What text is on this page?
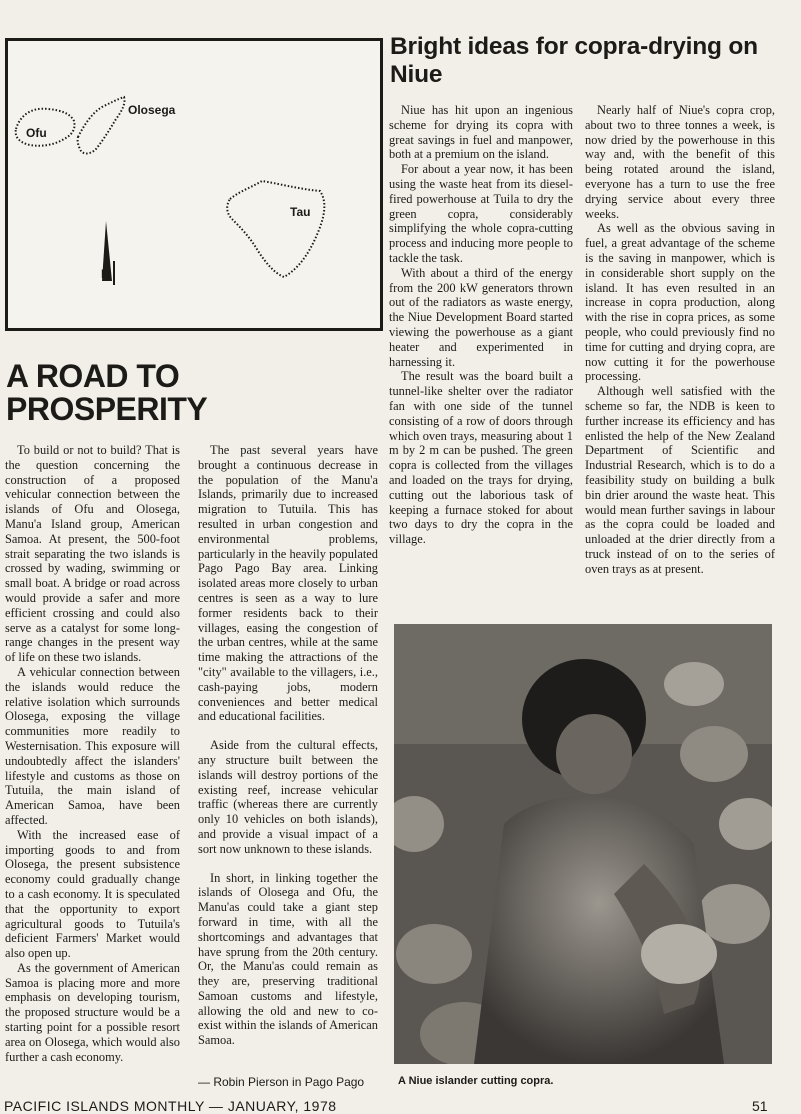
Ofu
Olosega
Tau
N
Bright ideas for copra-drying on Niue
A ROAD TO
PROSPERITY

To build or not to build? That is the question concerning the construction of a proposed vehicular connection between the islands of Ofu and Olosega, Manu'a Island group, American Samoa. At present, the 500-foot strait separating the two islands is crossed by wading, swimming or small boat. A bridge or road across would provide a safer and more efficient crossing and could also serve as a catalyst for some long-range changes in the present way of life on these two islands.

A vehicular connection between the islands would reduce the relative isolation which surrounds Olosega, exposing the village communities more readily to Westernisation. This exposure will undoubtedly affect the islanders' lifestyle and customs as those on Tutuila, the main island of American Samoa, have been affected.

With the increased ease of importing goods to and from Olosega, the present subsistence economy could gradually change to a cash economy. It is speculated that the opportunity to export agricultural goods to Tutuila's deficient Farmers' Market would also open up.

As the government of American Samoa is placing more and more emphasis on developing tourism, the proposed structure would be a starting point for a possible resort area on Olosega, which would also further a cash economy.

The past several years have brought a continuous decrease in the population of the Manu'a Islands, primarily due to increased migration to Tutuila. This has resulted in urban congestion and environmental problems, particularly in the heavily populated Pago Pago Bay area. Linking isolated areas more closely to urban centres is seen as a way to lure former residents back to their villages, easing the congestion of the urban centres, while at the same time making the attractions of the "city" available to the villagers, i.e., cash-paying jobs, modern conveniences and better medical and educational facilities.

Aside from the cultural effects, any structure built between the islands will destroy portions of the existing reef, increase vehicular traffic (whereas there are currently only 10 vehicles on both islands), and provide a visual impact of a sort now unknown to these islands.

In short, in linking together the islands of Olosega and Ofu, the Manu'as could take a giant step forward in time, with all the shortcomings and advantages that have sprung from the 20th century. Or, the Manu'as could remain as they are, preserving traditional Samoan customs and lifestyle, allowing the old and new to co-exist within the islands of American Samoa.

— Robin Pierson in Pago Pago

Niue has hit upon an ingenious scheme for drying its copra with great savings in fuel and manpower, both at a premium on the island.

For about a year now, it has been using the waste heat from its diesel-fired powerhouse at Tuila to dry the green copra, considerably simplifying the whole copra-cutting process and inducing more people to tackle the task.

With about a third of the energy from the 200 kW generators thrown out of the radiators as waste energy, the Niue Development Board started viewing the powerhouse as a giant heater and experimented in harnessing it.

The result was the board built a tunnel-like shelter over the radiator fan with one side of the tunnel consisting of a row of doors through which oven trays, measuring about 1 m by 2 m can be pushed. The green copra is collected from the villages and loaded on the trays for drying, cutting out the laborious task of keeping a furnace stoked for about two days to dry the copra in the village.

Nearly half of Niue's copra crop, about two to three tonnes a week, is now dried by the powerhouse in this way and, with the benefit of this being rotated around the island, everyone has a turn to use the free drying service about every three weeks.

As well as the obvious saving in fuel, a great advantage of the scheme is the saving in manpower, which is in considerable short supply on the island. It has even resulted in an increase in copra production, along with the rise in copra prices, as some people, who could previously find no time for cutting and drying copra, are now cutting it for the powerhouse processing.

Although well satisfied with the scheme so far, the NDB is keen to further increase its efficiency and has enlisted the help of the New Zealand Department of Scientific and Industrial Research, which is to do a feasibility study on building a bulk bin drier around the waste heat. This would mean further savings in labour as the copra could be loaded and unloaded at the drier directly from a truck instead of on to the series of oven trays as at present.

A Niue islander cutting copra.
PACIFIC ISLANDS MONTHLY — JANUARY, 1978	51
